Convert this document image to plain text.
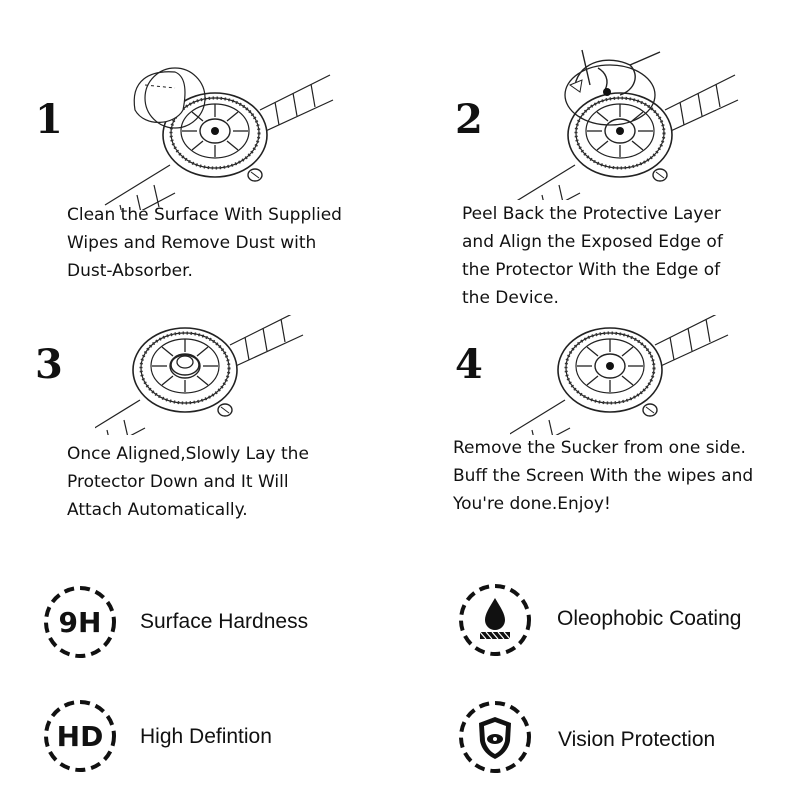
1
Clean the Surface With Supplied
Wipes and Remove Dust with
Dust-Absorber.
2
Peel Back the Protective Layer
and Align the Exposed Edge of
the Protector With the Edge of
the Device.
3
Once Aligned,Slowly Lay the
Protector Down and It Will
Attach Automatically.
4
Remove the Sucker from one side.
Buff the Screen With the wipes and
You're done.Enjoy!
9H Surface Hardness	Oleophobic Coating
HD High Defintion	Vision Protection
